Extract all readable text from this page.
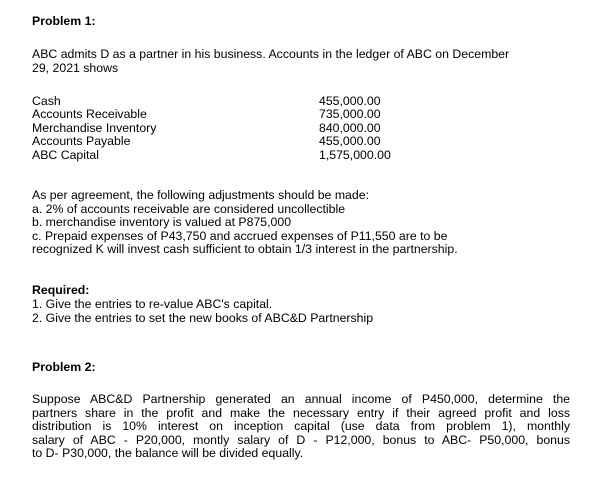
Problem 1:
ABC admits D as a partner in his business. Accounts in the ledger of ABC on December
29, 2021 shows
Cash
Accounts Receivable
Merchandise Inventory
Accounts Payable
ABC Capital
455,000.00
735,000.00
840,000.00
455,000.00
1,575,000.00
As per agreement, the following adjustments should be made:
a. 2% of accounts receivable are considered uncollectible
b. merchandise inventory is valued at P875,000
c. Prepaid expenses of P43,750 and accrued expenses of P11,550 are to be
recognized K will invest cash sufficient to obtain 1/3 interest in the partnership.
Required:
1. Give the entries to re-value ABC's capital.
2. Give the entries to set the new books of ABC&D Partnership
Problem 2:
Suppose ABC&D Partnership generated an annual income of P450,000, determine the
partners share in the profit and make the necessary entry if their agreed profit and loss
distribution is 10% interest on inception capital (use data from problem 1), monthly
salary of ABC - P20,000, montly salary of D - P12,000, bonus to ABC- P50,000, bonus
to D- P30,000, the balance will be divided equally.
